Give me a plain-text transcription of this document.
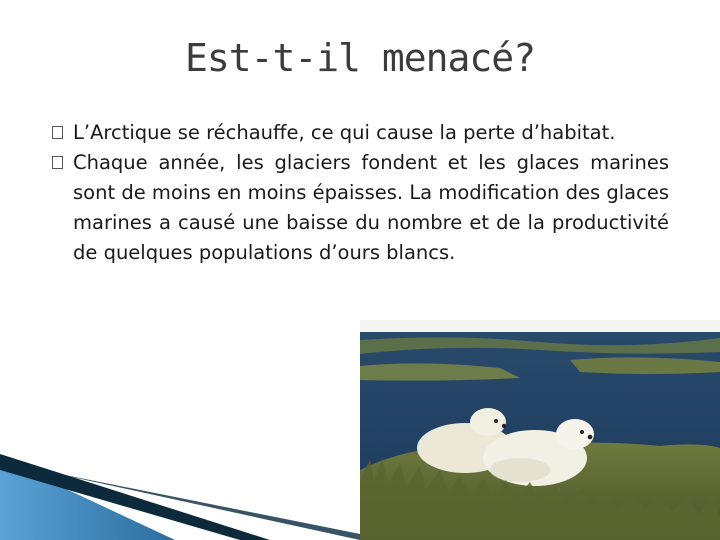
Est-t-il menacé?
L’Arctique se réchauffe, ce qui cause la perte d’habitat.
Chaque année, les glaciers fondent et les glaces marines sont de moins en moins épaisses. La modification des glaces marines a causé une baisse du nombre et de la productivité de quelques populations d’ours blancs.
